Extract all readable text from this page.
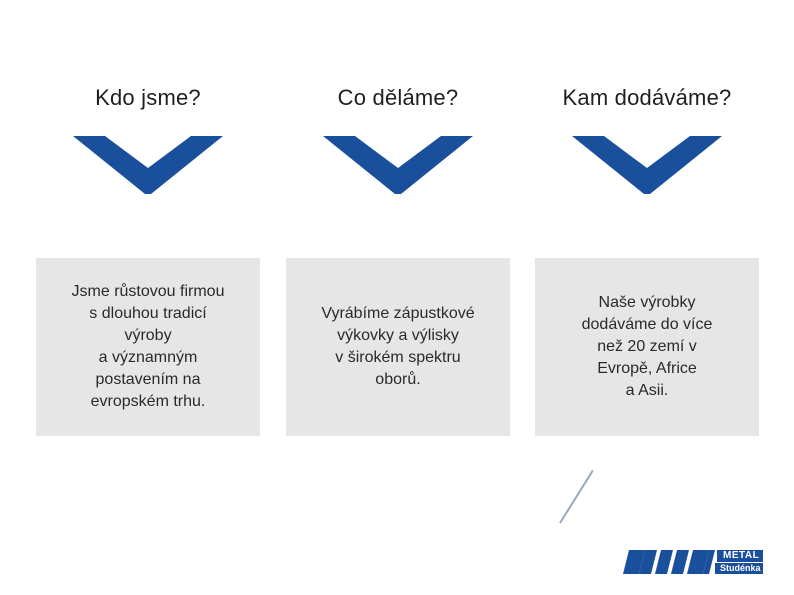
Kdo jsme?
Jsme růstovou firmou
s dlouhou tradicí
výroby
a významným
postavením na
evropském trhu.
Co děláme?
Vyrábíme zápustkové
výkovky a výlisky
v širokém spektru
oborů.
Kam dodáváme?
Naše výrobky
dodáváme do více
než 20 zemí v
Evropě, Africe
a Asii.
METAL
Studénka
